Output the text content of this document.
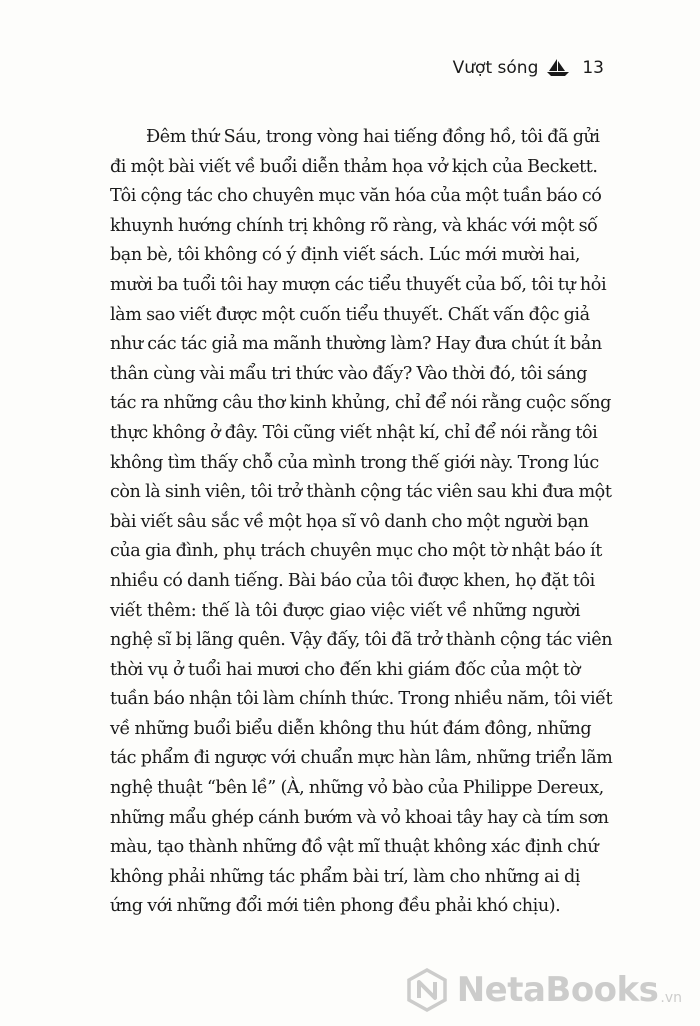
Vượt sóng	13
Đêm thứ Sáu, trong vòng hai tiếng đồng hồ, tôi đã gửi
đi một bài viết về buổi diễn thảm họa vở kịch của Beckett.
Tôi cộng tác cho chuyên mục văn hóa của một tuần báo có
khuynh hướng chính trị không rõ ràng, và khác với một số
bạn bè, tôi không có ý định viết sách. Lúc mới mười hai,
mười ba tuổi tôi hay mượn các tiểu thuyết của bố, tôi tự hỏi
làm sao viết được một cuốn tiểu thuyết. Chất vấn độc giả
như các tác giả ma mãnh thường làm? Hay đưa chút ít bản
thân cùng vài mẩu tri thức vào đấy? Vào thời đó, tôi sáng
tác ra những câu thơ kinh khủng, chỉ để nói rằng cuộc sống
thực không ở đây. Tôi cũng viết nhật kí, chỉ để nói rằng tôi
không tìm thấy chỗ của mình trong thế giới này. Trong lúc
còn là sinh viên, tôi trở thành cộng tác viên sau khi đưa một
bài viết sâu sắc về một họa sĩ vô danh cho một người bạn
của gia đình, phụ trách chuyên mục cho một tờ nhật báo ít
nhiều có danh tiếng. Bài báo của tôi được khen, họ đặt tôi
viết thêm: thế là tôi được giao việc viết về những người
nghệ sĩ bị lãng quên. Vậy đấy, tôi đã trở thành cộng tác viên
thời vụ ở tuổi hai mươi cho đến khi giám đốc của một tờ
tuần báo nhận tôi làm chính thức. Trong nhiều năm, tôi viết
về những buổi biểu diễn không thu hút đám đông, những
tác phẩm đi ngược với chuẩn mực hàn lâm, những triển lãm
nghệ thuật “bên lề” (À, những vỏ bào của Philippe Dereux,
những mẩu ghép cánh bướm và vỏ khoai tây hay cà tím sơn
màu, tạo thành những đồ vật mĩ thuật không xác định chứ
không phải những tác phẩm bài trí, làm cho những ai dị
ứng với những đổi mới tiên phong đều phải khó chịu).
NetaBooks .vn
